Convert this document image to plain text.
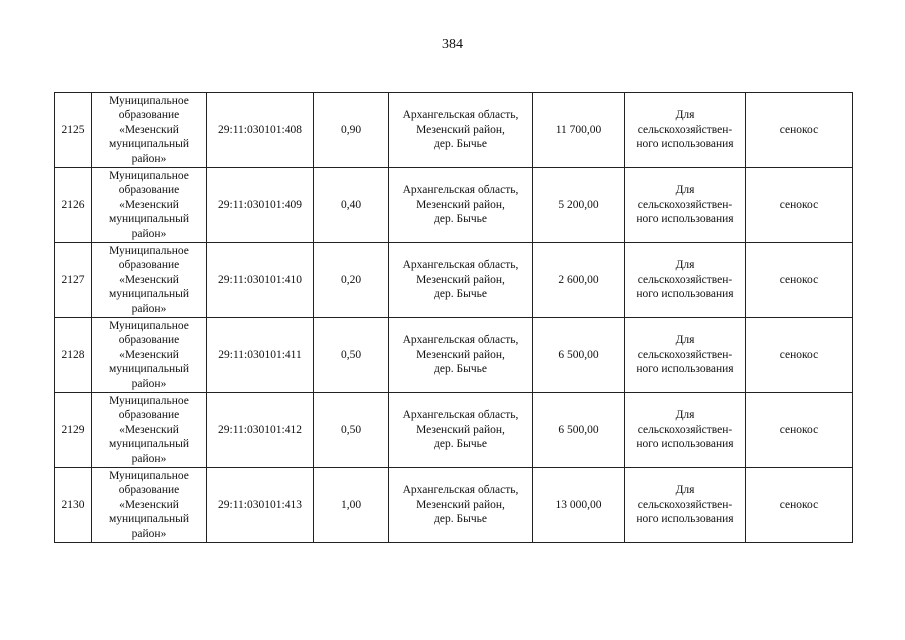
384
2125	Муниципальное
образование
«Мезенский
муниципальный
район»	29:11:030101:408	0,90	Архангельская область,
Мезенский район,
дер. Бычье	11 700,00	Для
сельскохозяйствен-
ного использования	сенокос
2126	Муниципальное
образование
«Мезенский
муниципальный
район»	29:11:030101:409	0,40	Архангельская область,
Мезенский район,
дер. Бычье	5 200,00	Для
сельскохозяйствен-
ного использования	сенокос
2127	Муниципальное
образование
«Мезенский
муниципальный
район»	29:11:030101:410	0,20	Архангельская область,
Мезенский район,
дер. Бычье	2 600,00	Для
сельскохозяйствен-
ного использования	сенокос
2128	Муниципальное
образование
«Мезенский
муниципальный
район»	29:11:030101:411	0,50	Архангельская область,
Мезенский район,
дер. Бычье	6 500,00	Для
сельскохозяйствен-
ного использования	сенокос
2129	Муниципальное
образование
«Мезенский
муниципальный
район»	29:11:030101:412	0,50	Архангельская область,
Мезенский район,
дер. Бычье	6 500,00	Для
сельскохозяйствен-
ного использования	сенокос
2130	Муниципальное
образование
«Мезенский
муниципальный
район»	29:11:030101:413	1,00	Архангельская область,
Мезенский район,
дер. Бычье	13 000,00	Для
сельскохозяйствен-
ного использования	сенокос
